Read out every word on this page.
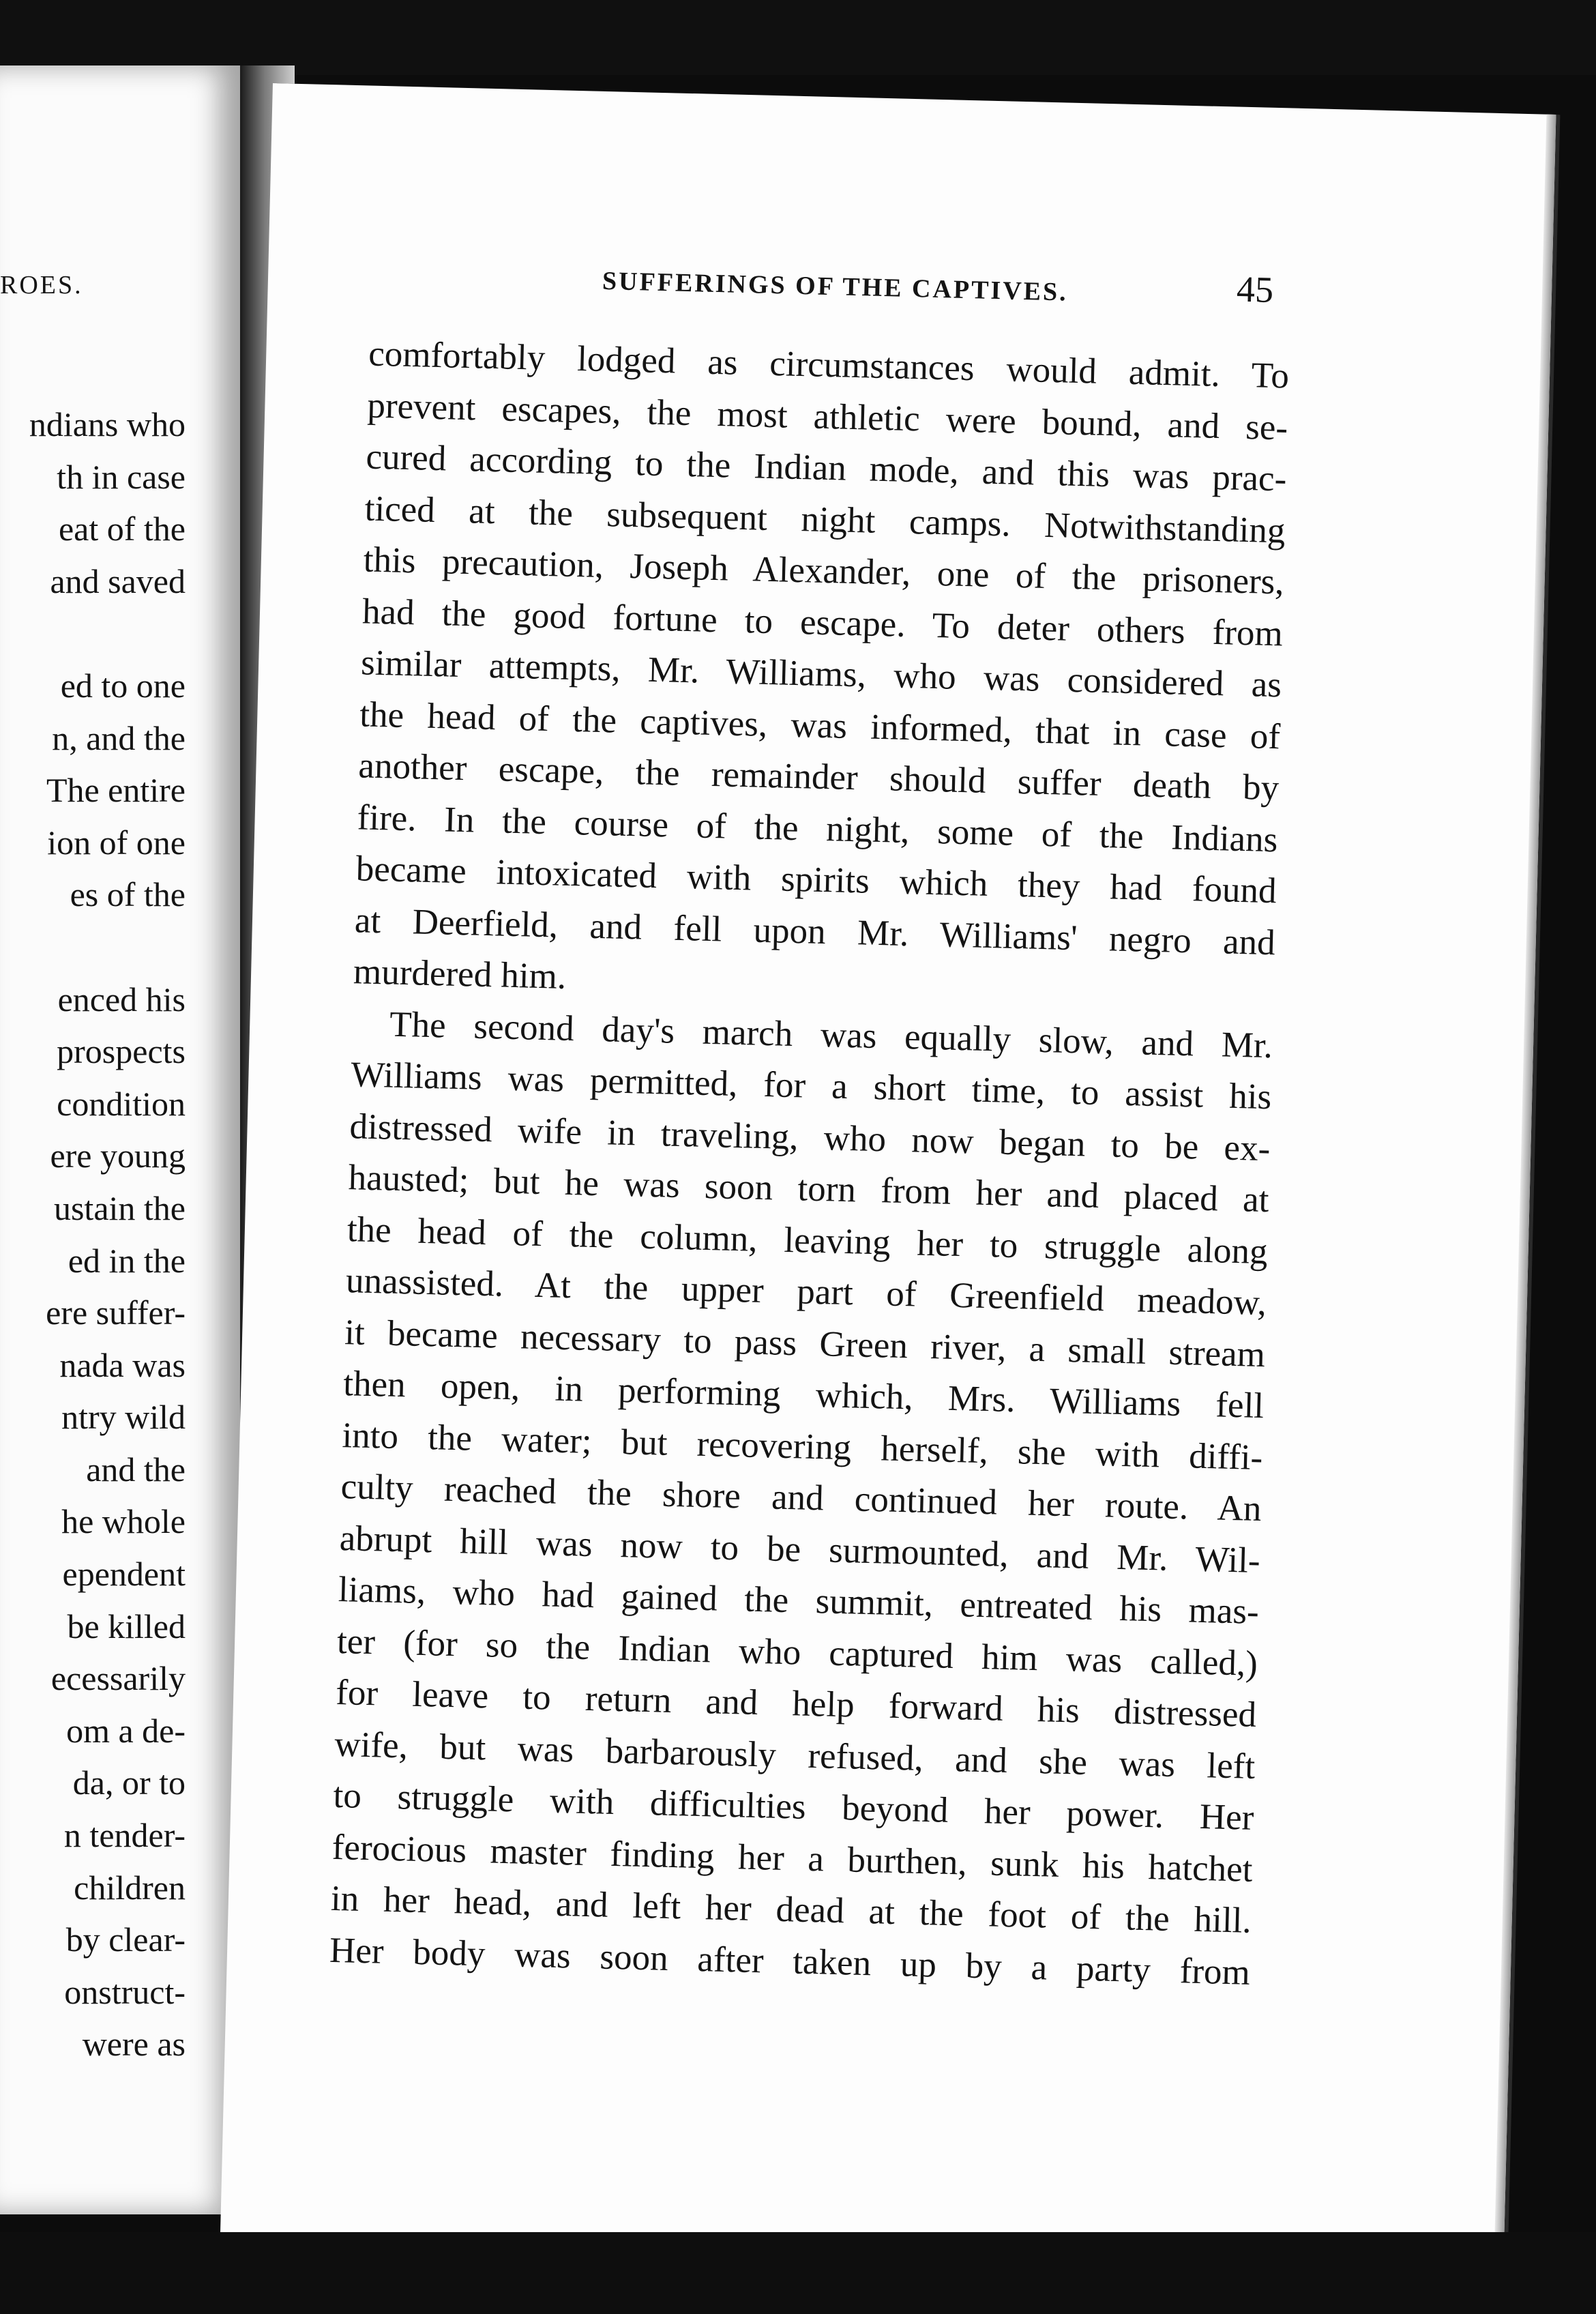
ROES.
ndians who
th in case
eat of the
and saved
ed to one
n, and the
The entire
ion of one
es of the
enced his
prospects
condition
ere young
ustain the
ed in the
ere suffer-
nada was
ntry wild
and the
he whole
ependent
be killed
ecessarily
om a de-
da, or to
n tender-
children
by clear-
onstruct-
were as
SUFFERINGS OF THE CAPTIVES.	45
comfortably lodged as circumstances would admit. To
prevent escapes, the most athletic were bound, and se-
cured according to the Indian mode, and this was prac-
ticed at the subsequent night camps. Notwithstanding
this precaution, Joseph Alexander, one of the prisoners,
had the good fortune to escape. To deter others from
similar attempts, Mr. Williams, who was considered as
the head of the captives, was informed, that in case of
another escape, the remainder should suffer death by
fire. In the course of the night, some of the Indians
became intoxicated with spirits which they had found
at Deerfield, and fell upon Mr. Williams' negro and
murdered him.
The second day's march was equally slow, and Mr.
Williams was permitted, for a short time, to assist his
distressed wife in traveling, who now began to be ex-
hausted; but he was soon torn from her and placed at
the head of the column, leaving her to struggle along
unassisted. At the upper part of Greenfield meadow,
it became necessary to pass Green river, a small stream
then open, in performing which, Mrs. Williams fell
into the water; but recovering herself, she with diffi-
culty reached the shore and continued her route. An
abrupt hill was now to be surmounted, and Mr. Wil-
liams, who had gained the summit, entreated his mas-
ter (for so the Indian who captured him was called,)
for leave to return and help forward his distressed
wife, but was barbarously refused, and she was left
to struggle with difficulties beyond her power. Her
ferocious master finding her a burthen, sunk his hatchet
in her head, and left her dead at the foot of the hill.
Her body was soon after taken up by a party from
